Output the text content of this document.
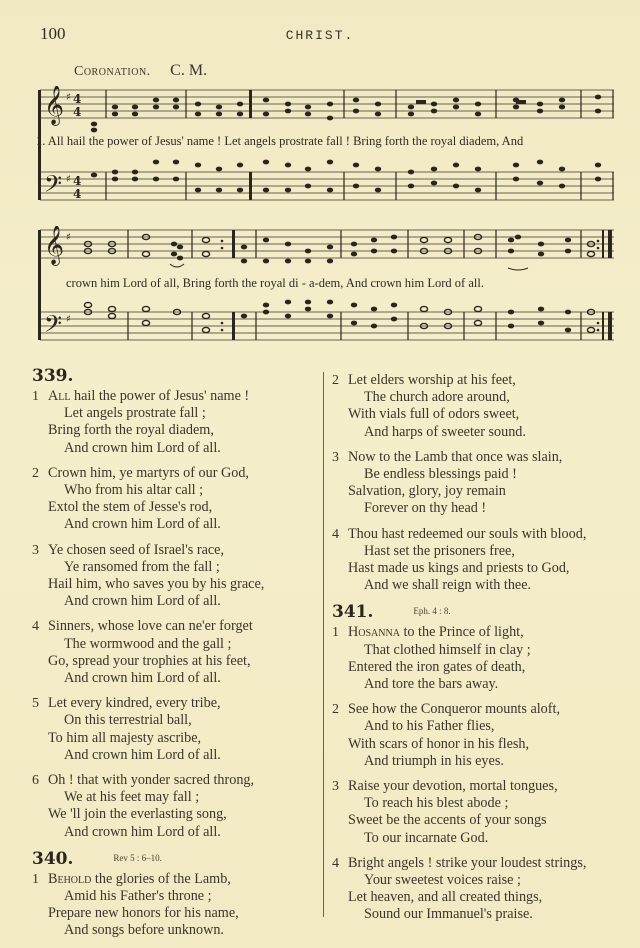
100	CHRIST.
Coronation. C. M.
𝄞
𝄢
♯
♯
4
4
4
4
1. All hail the power of Jesus' name ! Let angels prostrate fall ! Bring forth the royal diadem, And
𝄞
𝄢
♯
♯
crown him Lord of all, Bring forth the royal di - a-dem, And crown him Lord of all.
339.
1 All hail the power of Jesus' name !
Let angels prostrate fall ;
Bring forth the royal diadem,
And crown him Lord of all.
2 Crown him, ye martyrs of our God,
Who from his altar call ;
Extol the stem of Jesse's rod,
And crown him Lord of all.
3 Ye chosen seed of Israel's race,
Ye ransomed from the fall ;
Hail him, who saves you by his grace,
And crown him Lord of all.
4 Sinners, whose love can ne'er forget
The wormwood and the gall ;
Go, spread your trophies at his feet,
And crown him Lord of all.
5 Let every kindred, every tribe,
On this terrestrial ball,
To him all majesty ascribe,
And crown him Lord of all.
6 Oh ! that with yonder sacred throng,
We at his feet may fall ;
We 'll join the everlasting song,
And crown him Lord of all.
340.	Rev 5 : 6–10.
1 Behold the glories of the Lamb,
Amid his Father's throne ;
Prepare new honors for his name,
And songs before unknown.
2 Let elders worship at his feet,
The church adore around,
With vials full of odors sweet,
And harps of sweeter sound.
3 Now to the Lamb that once was slain,
Be endless blessings paid !
Salvation, glory, joy remain
Forever on thy head !
4 Thou hast redeemed our souls with blood,
Hast set the prisoners free,
Hast made us kings and priests to God,
And we shall reign with thee.
341.	Eph. 4 : 8.
1 Hosanna to the Prince of light,
That clothed himself in clay ;
Entered the iron gates of death,
And tore the bars away.
2 See how the Conqueror mounts aloft,
And to his Father flies,
With scars of honor in his flesh,
And triumph in his eyes.
3 Raise your devotion, mortal tongues,
To reach his blest abode ;
Sweet be the accents of your songs
To our incarnate God.
4 Bright angels ! strike your loudest strings,
Your sweetest voices raise ;
Let heaven, and all created things,
Sound our Immanuel's praise.
